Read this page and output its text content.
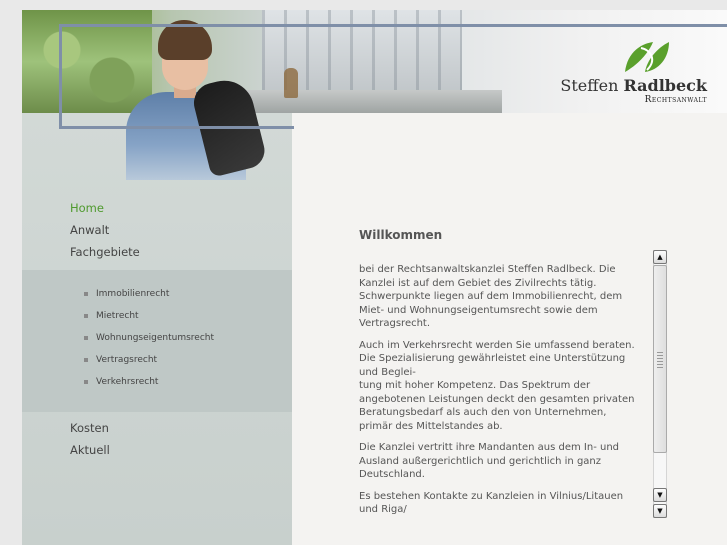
Steffen Radlbeck
Rechtsanwalt
Home
Anwalt
Fachgebiete
Immobilienrecht
Mietrecht
Wohnungseigentumsrecht
Vertragsrecht
Verkehrsrecht
Kosten
Aktuell
Willkommen

bei der Rechtsanwaltskanzlei Steffen Radlbeck. Die Kanzlei ist auf dem Gebiet des Zivilrechts tätig. Schwerpunkte liegen auf dem Immobilienrecht, dem Miet- und Wohnungseigentumsrecht sowie dem Vertragsrecht.

Auch im Verkehrsrecht werden Sie umfassend beraten. Die Spezialisierung gewährleistet eine Unterstützung und Beglei-
tung mit hoher Kompetenz. Das Spektrum der angebotenen Leistungen deckt den gesamten privaten Beratungsbedarf als auch den von Unternehmen, primär des Mittelstandes ab.

Die Kanzlei vertritt ihre Mandanten aus dem In- und Ausland außergerichtlich und gerichtlich in ganz Deutschland.

Es bestehen Kontakte zu Kanzleien in Vilnius/Litauen und Riga/

▲
▼
▼
